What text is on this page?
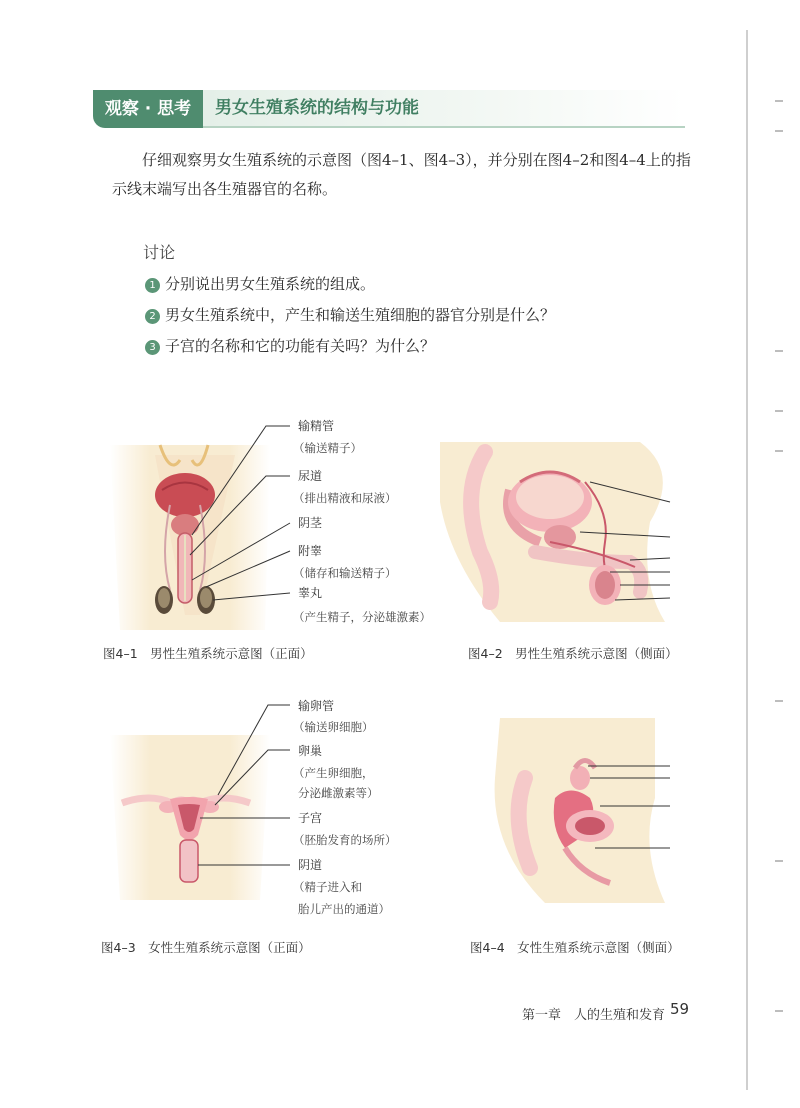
观察 · 思考	男女生殖系统的结构与功能

仔细观察男女生殖系统的示意图（图4–1、图4–3），并分别在图4–2和图4–4上的指示线末端写出各生殖器官的名称。

讨论

1 分别说出男女生殖系统的组成。
2 男女生殖系统中，产生和输送生殖细胞的器官分别是什么？
3 子宫的名称和它的功能有关吗？为什么？
输精管
（输送精子）
尿道
（排出精液和尿液）
阴茎
附睾
（储存和输送精子）
睾丸
（产生精子，分泌雄激素）
图4–1　男性生殖系统示意图（正面）	图4–2　男性生殖系统示意图（侧面）
输卵管
（输送卵细胞）
卵巢
（产生卵细胞，
分泌雌激素等）
子宫
（胚胎发育的场所）
阴道
（精子进入和
胎儿产出的通道）
图4–3　女性生殖系统示意图（正面）	图4–4　女性生殖系统示意图（侧面）

第一章　人的生殖和发育 59
